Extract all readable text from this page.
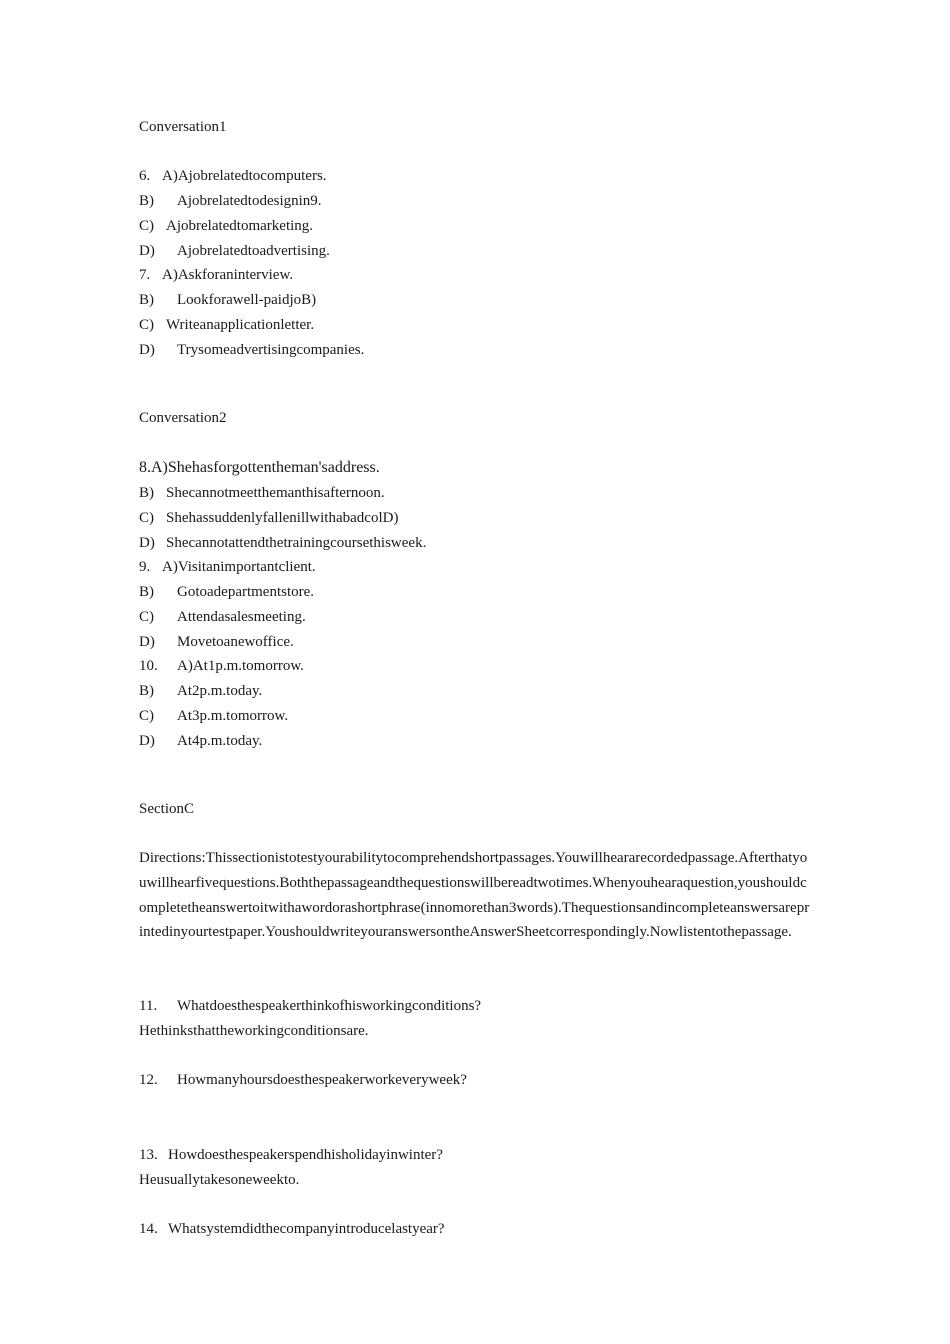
Conversation1
6. A)Ajobrelatedtocomputers.
B) Ajobrelatedtodesignin9.
C) Ajobrelatedtomarketing.
D) Ajobrelatedtoadvertising.
7. A)Askforaninterview.
B) Lookforawell-paidjoB)
C) Writeanapplicationletter.
D) Trysomeadvertisingcompanies.
Conversation2
8.A)Shehasforgottentheman'saddress.
B) Shecannotmeetthemanthisafternoon.
C) ShehassuddenlyfallenillwithabadcolD)
D) Shecannotattendthetrainingcoursethisweek.
9. A)Visitanimportantclient.
B) Gotoadepartmentstore.
C) Attendasalesmeeting.
D) Movetoanewoffice.
10. A)At1p.m.tomorrow.
B) At2p.m.today.
C) At3p.m.tomorrow.
D) At4p.m.today.
SectionC
Directions:Thissectionistotestyourabilitytocomprehendshortpassages.Youwillheararecordedpassage.Afterthatyouwillhearfivequestions.Boththepassageandthequestionswillbereadtwotimes.Whenyouhearaquestion,youshouldcompletetheanswertoitwithawordorashortphrase(innomorethan3words).Thequestionsandincompleteanswersareprintedinyourtestpaper.YoushouldwriteyouranswersontheAnswerSheetcorrespondingly.Nowlistentothepassage.
11. Whatdoesthespeakerthinkofhisworkingconditions?
Hethinksthattheworkingconditionsare.
12. Howmanyhoursdoesthespeakerworkeveryweek?
13. Howdoesthespeakerspendhisholidayinwinter?
Heusuallytakesoneweekto.
14. Whatsystemdidthecompanyintroducelastyear?
